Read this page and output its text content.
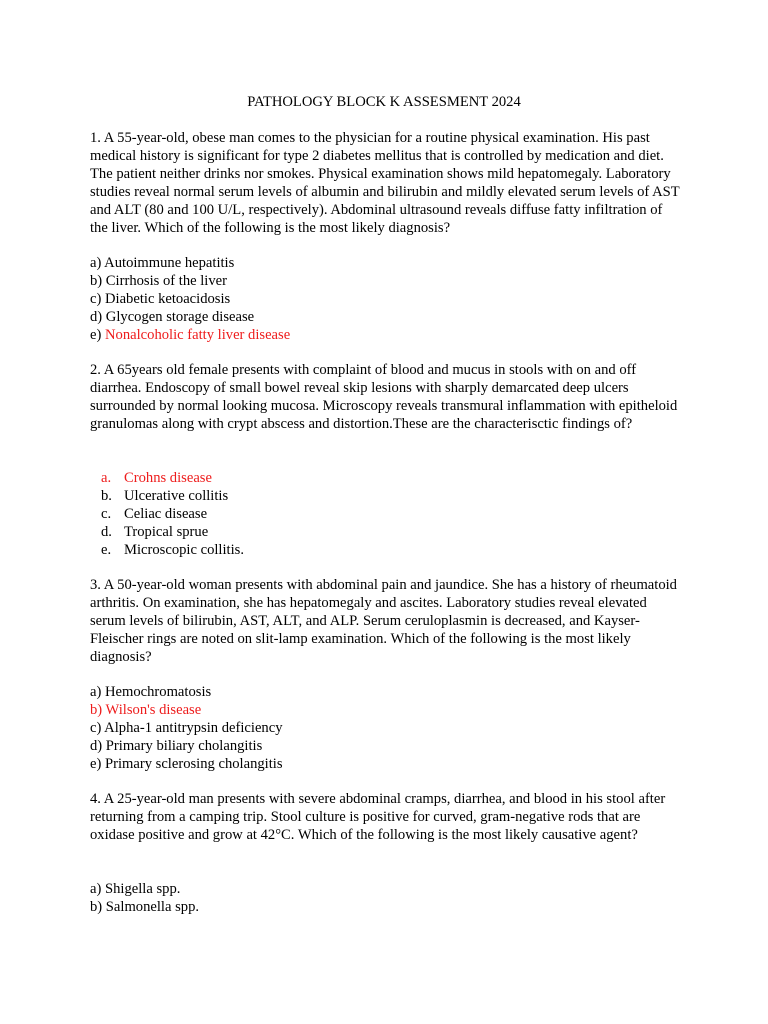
PATHOLOGY BLOCK K ASSESMENT 2024

1. A 55-year-old, obese man comes to the physician for a routine physical examination. His past medical history is significant for type 2 diabetes mellitus that is controlled by medication and diet. The patient neither drinks nor smokes. Physical examination shows mild hepatomegaly. Laboratory studies reveal normal serum levels of albumin and bilirubin and mildly elevated serum levels of AST and ALT (80 and 100 U/L, respectively). Abdominal ultrasound reveals diffuse fatty infiltration of the liver. Which of the following is the most likely diagnosis?

a) Autoimmune hepatitis
b) Cirrhosis of the liver
c) Diabetic ketoacidosis
d) Glycogen storage disease
e) Nonalcoholic fatty liver disease

2. A 65years old female presents with complaint of blood and mucus in stools with on and off diarrhea. Endoscopy of small bowel reveal skip lesions with sharply demarcated deep ulcers surrounded by normal looking mucosa. Microscopy reveals transmural inflammation with epitheloid granulomas along with crypt abscess and distortion.These are the characterisctic findings of?

a. Crohns disease
b. Ulcerative collitis
c. Celiac disease
d. Tropical sprue
e. Microscopic collitis.

3. A 50-year-old woman presents with abdominal pain and jaundice. She has a history of rheumatoid arthritis. On examination, she has hepatomegaly and ascites. Laboratory studies reveal elevated serum levels of bilirubin, AST, ALT, and ALP. Serum ceruloplasmin is decreased, and Kayser-Fleischer rings are noted on slit-lamp examination. Which of the following is the most likely diagnosis?

a) Hemochromatosis
b) Wilson's disease
c) Alpha-1 antitrypsin deficiency
d) Primary biliary cholangitis
e) Primary sclerosing cholangitis

4. A 25-year-old man presents with severe abdominal cramps, diarrhea, and blood in his stool after returning from a camping trip. Stool culture is positive for curved, gram-negative rods that are oxidase positive and grow at 42°C. Which of the following is the most likely causative agent?

a) Shigella spp.
b) Salmonella spp.
